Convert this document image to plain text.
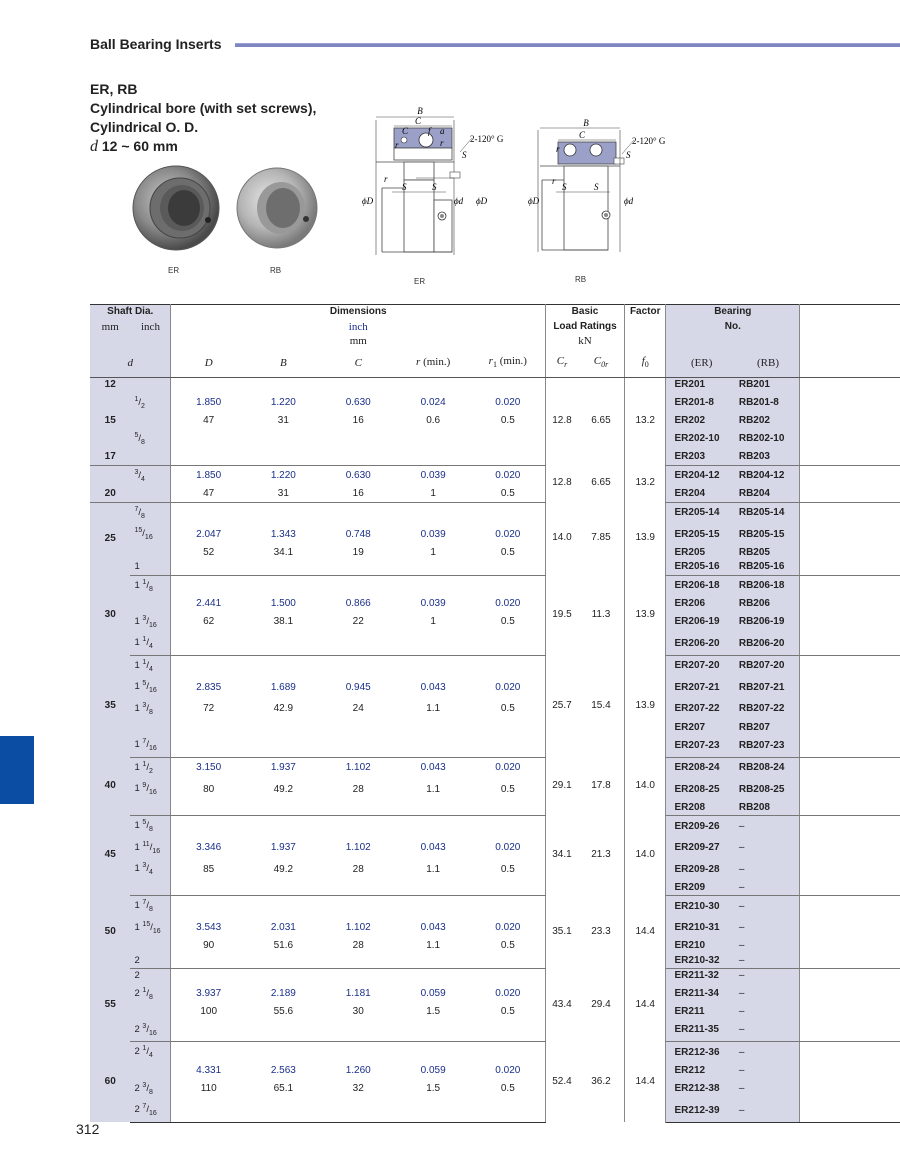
Ball Bearing Inserts
ER, RB
Cylindrical bore (with set screws),
Cylindrical O. D.
d 12 ~ 60 mm
ER	RB
B
C
C f a
r	r
S
2-120° G
r
S	S
ϕD	ϕd ϕD
ER
B
C
r
S
2-120° G
r
S	S
ϕD	ϕd
RB
Shaft Dia.		Dimensions					Basic		Factor	Bearing		
mm	inch	inch					Load Ratings			No.		
		mm					kN					
d		D	B	C	r (min.)	$r_1$ (min.)	$C_r$	$C_{0r}$	$f_0$	(ER)	(RB)	
12							12.8	6.65	13.2	ER201	RB201	
	$^1/_2$	1.850	1.220	0.630	0.024	0.020				ER201-8	RB201-8	
15		47	31	16	0.6	0.5				ER202	RB202	
	$^5/_8$									ER202-10	RB202-10	
17										ER203	RB203	
	$^3/_4$	1.850	1.220	0.630	0.039	0.020	12.8	6.65	13.2	ER204-12	RB204-12	
20		47	31	16	1	0.5				ER204	RB204	
25	$^7/_8$						14.0	7.85	13.9	ER205-14	RB205-14	
	$^{15}/_{16}$	2.047	1.343	0.748	0.039	0.020				ER205-15	RB205-15	
		52	34.1	19	1	0.5				ER205	RB205	
	1									ER205-16	RB205-16	
30	1 $^1/_8$						19.5	11.3	13.9	ER206-18	RB206-18	
		2.441	1.500	0.866	0.039	0.020				ER206	RB206	
	1 $^3/_{16}$	62	38.1	22	1	0.5				ER206-19	RB206-19	
	1 $^1/_4$									ER206-20	RB206-20	
35	1 $^1/_4$						25.7	15.4	13.9	ER207-20	RB207-20	
	1 $^5/_{16}$	2.835	1.689	0.945	0.043	0.020				ER207-21	RB207-21	
	1 $^3/_8$	72	42.9	24	1.1	0.5				ER207-22	RB207-22	
										ER207	RB207	
	1 $^7/_{16}$									ER207-23	RB207-23	
40	1 $^1/_2$	3.150	1.937	1.102	0.043	0.020	29.1	17.8	14.0	ER208-24	RB208-24	
	1 $^9/_{16}$	80	49.2	28	1.1	0.5				ER208-25	RB208-25	
										ER208	RB208	
45	1 $^5/_8$						34.1	21.3	14.0	ER209-26	–	
	1 $^{11}/_{16}$	3.346	1.937	1.102	0.043	0.020				ER209-27	–	
	1 $^3/_4$	85	49.2	28	1.1	0.5				ER209-28	–	
										ER209	–	
50	1 $^7/_8$						35.1	23.3	14.4	ER210-30	–	
	1 $^{15}/_{16}$	3.543	2.031	1.102	0.043	0.020				ER210-31	–	
		90	51.6	28	1.1	0.5				ER210	–	
	2									ER210-32	–	
55	2						43.4	29.4	14.4	ER211-32	–	
	2 $^1/_8$	3.937	2.189	1.181	0.059	0.020				ER211-34	–	
		100	55.6	30	1.5	0.5				ER211	–	
	2 $^3/_{16}$									ER211-35	–	
60	2 $^1/_4$						52.4	36.2	14.4	ER212-36	–	
		4.331	2.563	1.260	0.059	0.020				ER212	–	
	2 $^3/_8$	110	65.1	32	1.5	0.5				ER212-38	–	
	2 $^7/_{16}$									ER212-39	–	
312
